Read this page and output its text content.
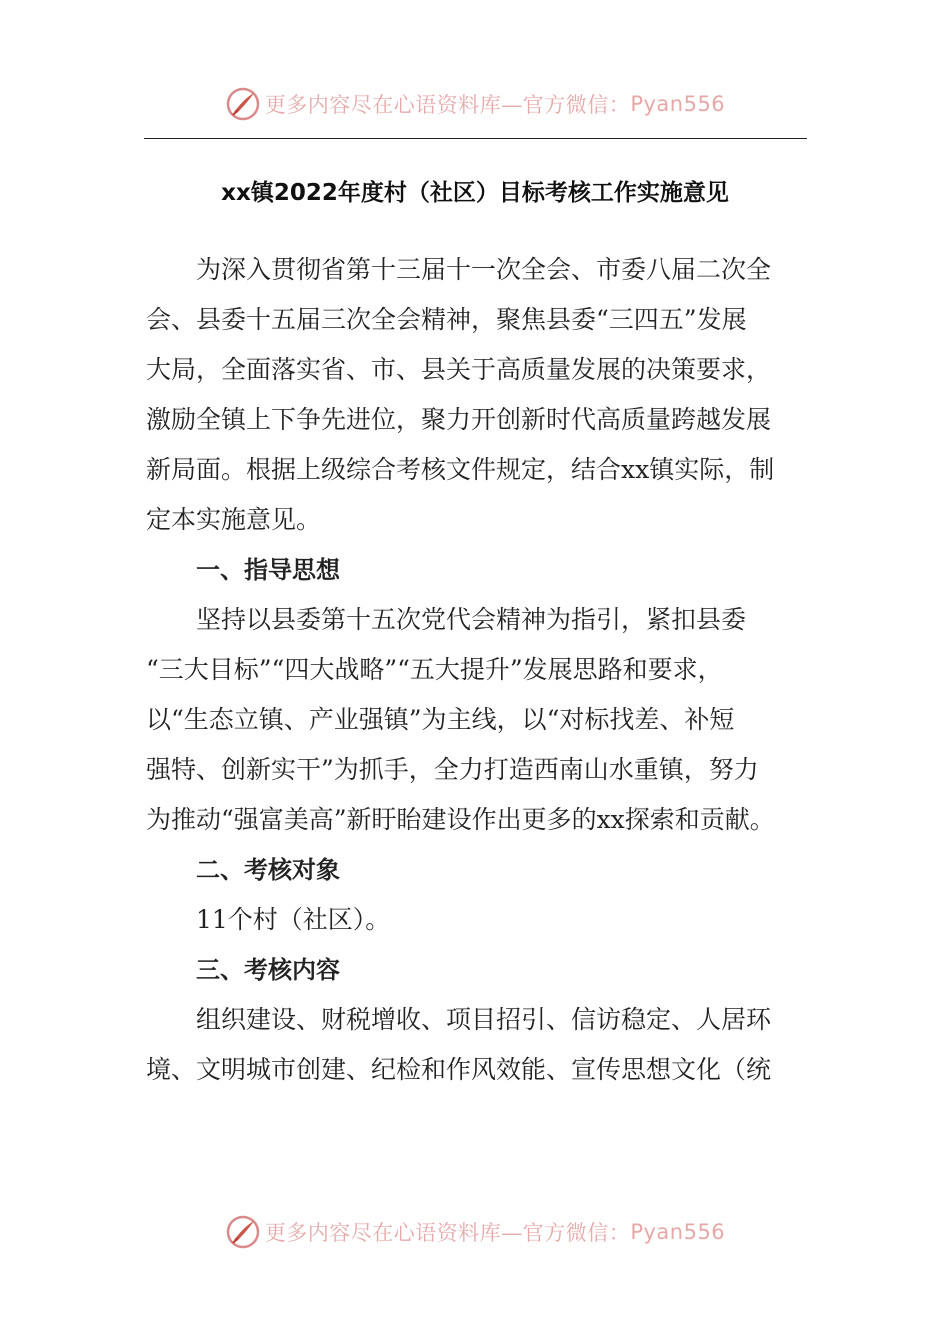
更多内容尽在心语资料库—官方微信： Pyan556
xx镇2022年度村（社区）目标考核工作实施意见
为深入贯彻省第十三届十一次全会、市委八届二次全
会、县委十五届三次全会精神，聚焦县委“三四五”发展
大局，全面落实省、市、县关于高质量发展的决策要求，
激励全镇上下争先进位，聚力开创新时代高质量跨越发展
新局面。根据上级综合考核文件规定，结合xx镇实际，制
定本实施意见。
一、指导思想
坚持以县委第十五次党代会精神为指引，紧扣县委
“三大目标”“四大战略”“五大提升”发展思路和要求，
以“生态立镇、产业强镇”为主线，以“对标找差、补短
强特、创新实干”为抓手，全力打造西南山水重镇，努力
为推动“强富美高”新盱眙建设作出更多的xx探索和贡献。
二、考核对象
11个村（社区）。
三、考核内容
组织建设、财税增收、项目招引、信访稳定、人居环
境、文明城市创建、纪检和作风效能、宣传思想文化（统
更多内容尽在心语资料库—官方微信： Pyan556
